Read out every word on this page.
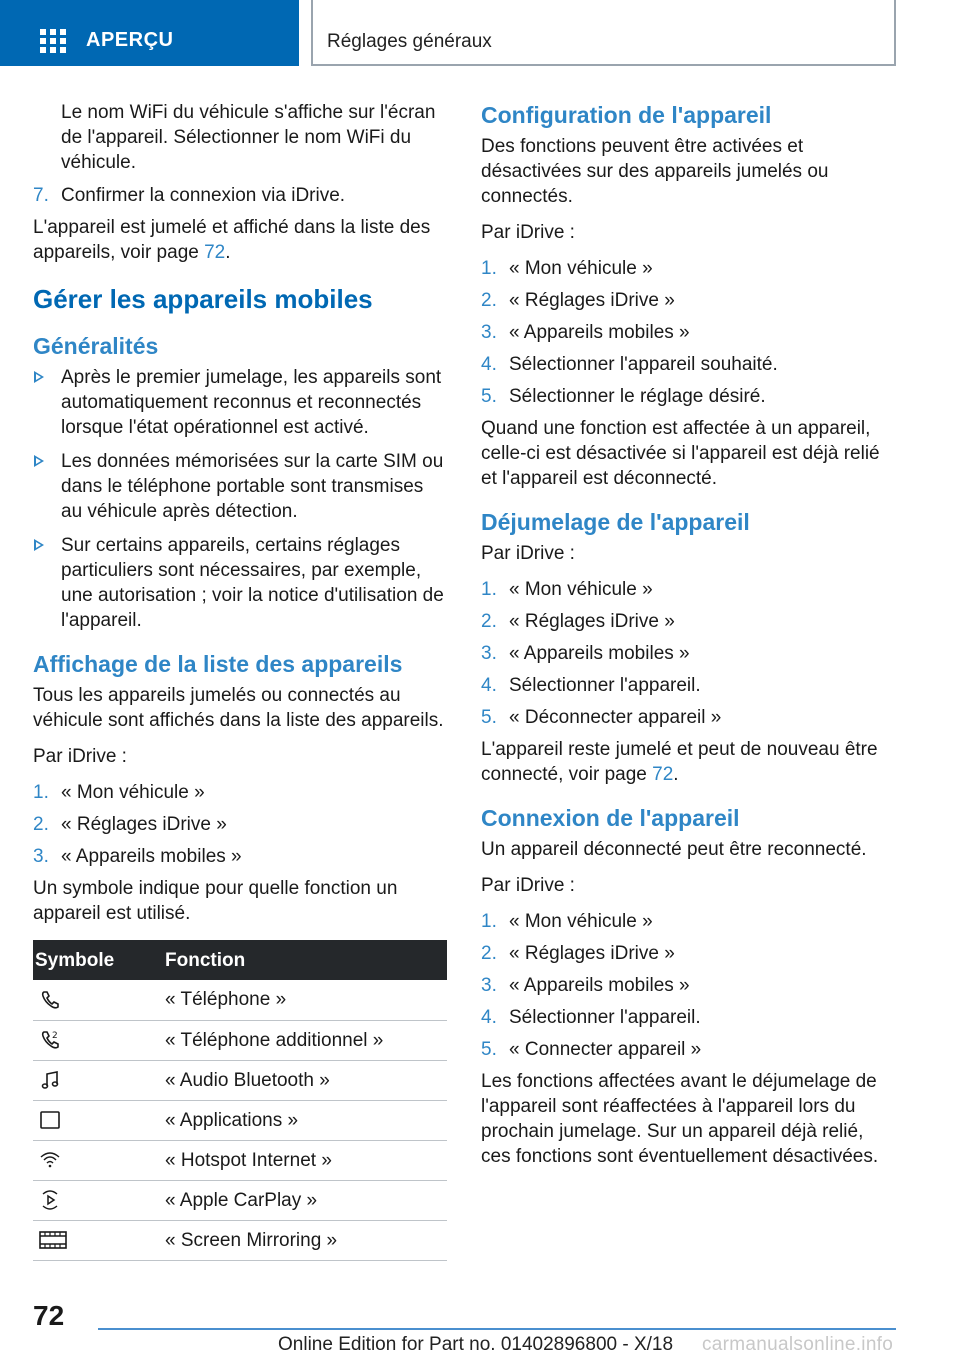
APERÇU	Réglages généraux

Le nom WiFi du véhicule s'affiche sur l'écran de l'appareil. Sélectionner le nom WiFi du véhicule.

7. Confirmer la connexion via iDrive.

L'appareil est jumelé et affiché dans la liste des appareils, voir page 72.

Gérer les appareils mobiles
Généralités
Après le premier jumelage, les appareils sont automatiquement reconnus et reconnectés lorsque l'état opérationnel est activé.
Les données mémorisées sur la carte SIM ou dans le téléphone portable sont transmises au véhicule après détection.
Sur certains appareils, certains réglages particuliers sont nécessaires, par exemple, une autorisation ; voir la notice d'utilisation de l'appareil.
Affichage de la liste des appareils

Tous les appareils jumelés ou connectés au véhicule sont affichés dans la liste des appareils.

Par iDrive :

1. « Mon véhicule »
2. « Réglages iDrive »
3. « Appareils mobiles »

Un symbole indique pour quelle fonction un appareil est utilisé.

Symbole	Fonction

	« Téléphone »

2	« Téléphone additionnel »

	« Audio Bluetooth »

	« Applications »

	« Hotspot Internet »

	« Apple CarPlay »

	« Screen Mirroring »
Configuration de l'appareil

Des fonctions peuvent être activées et désactivées sur des appareils jumelés ou connectés.

Par iDrive :

1. « Mon véhicule »
2. « Réglages iDrive »
3. « Appareils mobiles »
4. Sélectionner l'appareil souhaité.
5. Sélectionner le réglage désiré.

Quand une fonction est affectée à un appareil, celle-ci est désactivée si l'appareil est déjà relié et l'appareil est déconnecté.

Déjumelage de l'appareil

Par iDrive :

1. « Mon véhicule »
2. « Réglages iDrive »
3. « Appareils mobiles »
4. Sélectionner l'appareil.
5. « Déconnecter appareil »

L'appareil reste jumelé et peut de nouveau être connecté, voir page 72.

Connexion de l'appareil

Un appareil déconnecté peut être reconnecté.

Par iDrive :

1. « Mon véhicule »
2. « Réglages iDrive »
3. « Appareils mobiles »
4. Sélectionner l'appareil.
5. « Connecter appareil »

Les fonctions affectées avant le déjumelage de l'appareil sont réaffectées à l'appareil lors du prochain jumelage. Sur un appareil déjà relié, ces fonctions sont éventuellement désactivées.

72
Online Edition for Part no. 01402896800 - X/18 carmanualsonline.info
